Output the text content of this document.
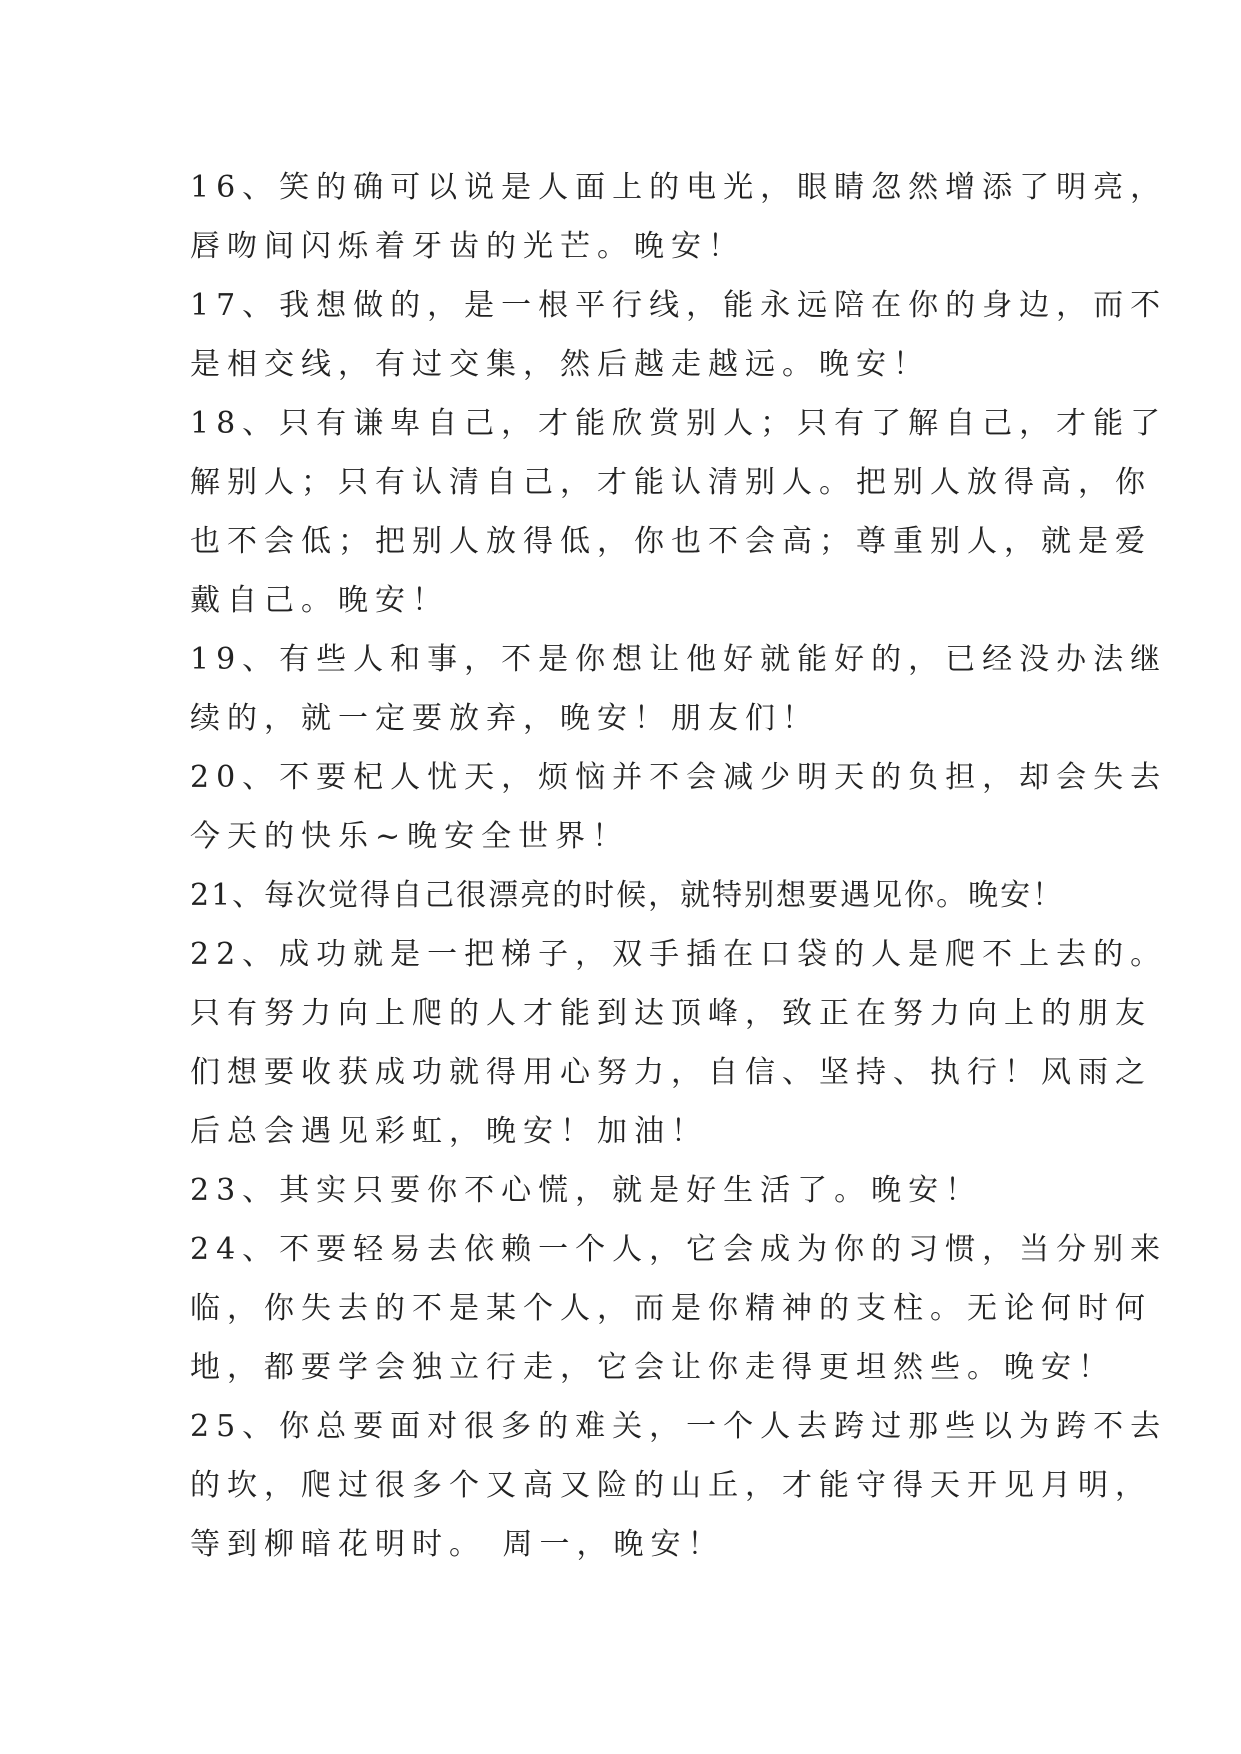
16、笑的确可以说是人面上的电光，眼睛忽然增添了明亮，
唇吻间闪烁着牙齿的光芒。晚安！
17、我想做的，是一根平行线，能永远陪在你的身边，而不
是相交线，有过交集，然后越走越远。晚安！
18、只有谦卑自己，才能欣赏别人；只有了解自己，才能了
解别人；只有认清自己，才能认清别人。把别人放得高，你
也不会低；把别人放得低，你也不会高；尊重别人，就是爱
戴自己。晚安！
19、有些人和事，不是你想让他好就能好的，已经没办法继
续的，就一定要放弃，晚安！朋友们！
20、不要杞人忧天，烦恼并不会减少明天的负担，却会失去
今天的快乐~晚安全世界！
21、每次觉得自己很漂亮的时候，就特别想要遇见你。晚安！
22、成功就是一把梯子，双手插在口袋的人是爬不上去的。
只有努力向上爬的人才能到达顶峰，致正在努力向上的朋友
们想要收获成功就得用心努力，自信、坚持、执行！风雨之
后总会遇见彩虹，晚安！加油！
23、其实只要你不心慌，就是好生活了。晚安！
24、不要轻易去依赖一个人，它会成为你的习惯，当分别来
临，你失去的不是某个人，而是你精神的支柱。无论何时何
地，都要学会独立行走，它会让你走得更坦然些。晚安！
25、你总要面对很多的难关，一个人去跨过那些以为跨不去
的坎，爬过很多个又高又险的山丘，才能守得天开见月明，
等到柳暗花明时。 周一，晚安！
